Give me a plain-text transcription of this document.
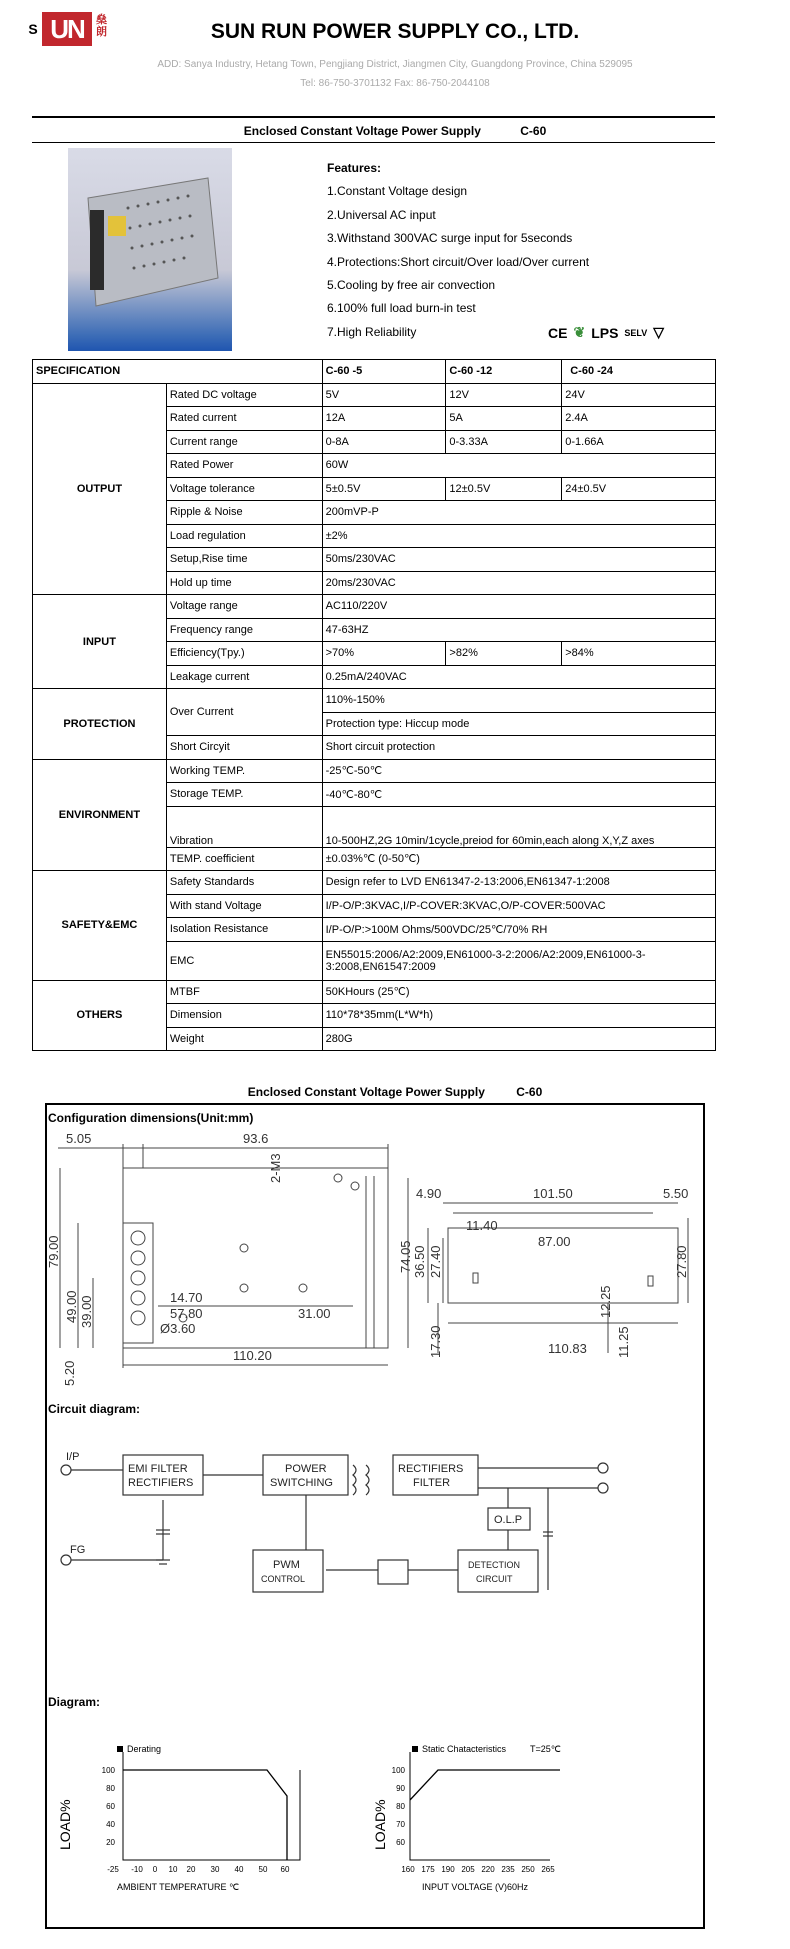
S UN 燊朗	SUN RUN POWER SUPPLY CO., LTD.
ADD: Sanya Industry, Hetang Town, Pengjiang District, Jiangmen City, Guangdong Province, China 529095
Tel: 86-750-3701132 Fax: 86-750-2044108
Enclosed Constant Voltage Power Supply	C-60
Features:
1.Constant Voltage design
2.Universal AC input
3.Withstand 300VAC surge input for 5seconds
4.Protections:Short circuit/Over load/Over current
5.Cooling by free air convection
6.100% full load burn-in test
7.High Reliability	CE ❦ LPS SELV ▽
SPECIFICATION		C-60 -5	C-60 -12	C-60 -24
OUTPUT	Rated DC voltage	5V	12V	24V
	Rated current	12A	5A	2.4A
	Current range	0-8A	0-3.33A	0-1.66A
	Rated Power	60W		
	Voltage tolerance	5±0.5V	12±0.5V	24±0.5V
	Ripple & Noise	200mVP-P		
	Load regulation	±2%		
	Setup,Rise time	50ms/230VAC		
	Hold up time	20ms/230VAC		
INPUT	Voltage range	AC110/220V		
	Frequency range	47-63HZ		
	Efficiency(Tpy.)	>70%	>82%	>84%
	Leakage current	0.25mA/240VAC		
PROTECTION	Over Current	110%-150%		
		Protection type: Hiccup mode		
	Short Circyit	Short circuit protection		
ENVIRONMENT	Working TEMP.	-25℃-50℃		
	Storage TEMP.	-40℃-80℃		
	Vibration	10-500HZ,2G 10min/1cycle,preiod for 60min,each along X,Y,Z axes		
	TEMP. coefficient	±0.03%℃ (0-50℃)		
SAFETY&EMC	Safety Standards	Design refer to LVD EN61347-2-13:2006,EN61347-1:2008		
	With stand Voltage	I/P-O/P:3KVAC,I/P-COVER:3KVAC,O/P-COVER:500VAC		
	Isolation Resistance	I/P-O/P:>100M Ohms/500VDC/25℃/70% RH		
	EMC	EN55015:2006/A2:2009,EN61000-3-2:2006/A2:2009,EN61000-3-3:2008,EN61547:2009		
OTHERS	MTBF	50KHours (25℃)		
	Dimension	110*78*35mm(L*W*h)		
	Weight	280G		
Enclosed Constant Voltage Power Supply	C-60
Configuration dimensions(Unit:mm)
5.05	93.6
2-M3
79.00	74.05
49.00 39.00	14.70
57.80	31.00
Ø3.60
110.20
5.20
4.90	101.50	5.50
36.50
11.40
87.00
27.40	27.80
12.25
17.30	110.83 11.25
Circuit diagram:
I/P
FG
EMI FILTER
RECTIFIERS
POWER
SWITCHING
RECTIFIERS
FILTER
O.L.P
PWM
CONTROL
DETECTION
CIRCUIT
Diagram:
Derating
LOAD%
100
80
60
40
20
-25 -10 0 10 20 30 40 50 60
AMBIENT TEMPERATURE ℃
Static Chatacteristics	T=25℃
LOAD%
100
90
80
70
60
160 175 190 205 220 235 250 265
INPUT VOLTAGE (V)60Hz
